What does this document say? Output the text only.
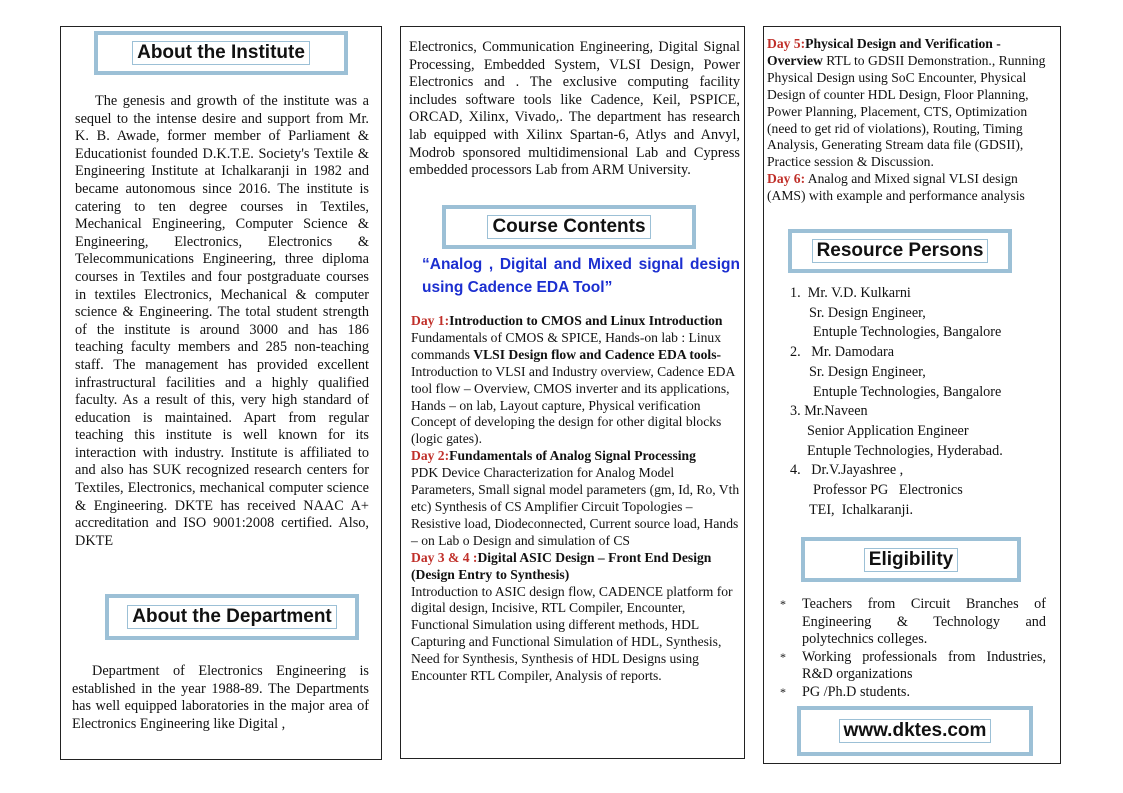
About the Institute

The genesis and growth of the institute was a sequel to the intense desire and support from Mr. K. B. Awade, former member of Parliament & Educationist founded D.K.T.E. Society's Textile & Engineering Institute at Ichalkaranji in 1982 and became autonomous since 2016. The institute is catering to ten degree courses in Textiles, Mechanical Engineering, Computer Science & Engineering, Electronics, Electronics & Telecommunications Engineering, three diploma courses in Textiles and four postgraduate courses in textiles Electronics, Mechanical & computer science & Engineering. The total student strength of the institute is around 3000 and has 186 teaching faculty members and 285 non-teaching staff. The management has provided excellent infrastructural facilities and a highly qualified faculty. As a result of this, very high standard of education is maintained. Apart from regular teaching this institute is well known for its interaction with industry. Institute is affiliated to and also has SUK recognized research centers for Textiles, Electronics, mechanical computer science & Engineering. DKTE has received NAAC A+ accreditation and ISO 9001:2008 certified. Also, DKTE

About the Department

Department of Electronics Engineering is established in the year 1988-89. The Departments has well equipped laboratories in the major area of Electronics Engineering like Digital ,

Electronics, Communication Engineering, Digital Signal Processing, Embedded System, VLSI Design, Power Electronics and . The exclusive computing facility includes software tools like Cadence, Keil, PSPICE, ORCAD, Xilinx, Vivado,. The department has research lab equipped with Xilinx Spartan-6, Atlys and Anvyl, Modrob sponsored multidimensional Lab and Cypress embedded processors Lab from ARM University.

Course Contents
“Analog , Digital and Mixed signal design using Cadence EDA Tool”

Day 1:Introduction to CMOS and Linux Introduction
Fundamentals of CMOS & SPICE, Hands-on lab : Linux commands VLSI Design flow and Cadence EDA tools- Introduction to VLSI and Industry overview, Cadence EDA tool flow – Overview, CMOS inverter and its applications, Hands – on lab, Layout capture, Physical verification Concept of developing the design for other digital blocks (logic gates).

Day 2:Fundamentals of Analog Signal Processing
PDK Device Characterization for Analog Model Parameters, Small signal model parameters (gm, Id, Ro, Vth etc) Synthesis of CS Amplifier Circuit Topologies – Resistive load, Diodeconnected, Current source load, Hands – on Lab o Design and simulation of CS

Day 3 & 4 :Digital ASIC Design – Front End Design (Design Entry to Synthesis)
Introduction to ASIC design flow, CADENCE platform for digital design, Incisive, RTL Compiler, Encounter, Functional Simulation using different methods, HDL Capturing and Functional Simulation of HDL, Synthesis, Need for Synthesis, Synthesis of HDL Designs using Encounter RTL Compiler, Analysis of reports.

Day 5:Physical Design and Verification - Overview RTL to GDSII Demonstration., Running Physical Design using SoC Encounter, Physical Design of counter HDL Design, Floor Planning, Power Planning, Placement, CTS, Optimization (need to get rid of violations), Routing, Timing Analysis, Generating Stream data file (GDSII), Practice session & Discussion.

Day 6: Analog and Mixed signal VLSI design (AMS) with example and performance analysis

Resource Persons
1. Mr. V.D. Kulkarni
Sr. Design Engineer,
Entuple Technologies, Bangalore
2. Mr. Damodara
Sr. Design Engineer,
Entuple Technologies, Bangalore
3. Mr.Naveen
Senior Application Engineer
Entuple Technologies, Hyderabad.
4. Dr.V.Jayashree ,
Professor PG   Electronics
TEI,  Ichalkaranji.
Eligibility
* Teachers from Circuit Branches of Engineering & Technology and polytechnics colleges.
* Working professionals from Industries, R&D organizations
* PG /Ph.D students.
www.dktes.com
